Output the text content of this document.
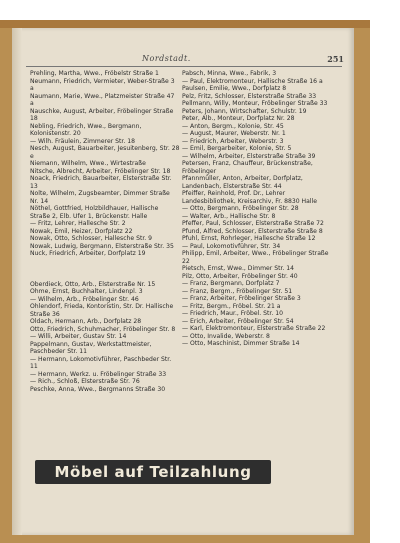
Nordstadt.	251
Prehling, Martha, Wwe., Fröbelstr Straße 1
Neumann, Friedrich, Vermieter, Weber-Straße 3 a
Naumann, Marie, Wwe., Platzmeister Straße 47 a
Nauschke, August, Arbeiter, Fröbelinger Straße 18
Nebling, Friedrich, Wwe., Bergmann, Kolonistenstr. 20
— Wilh. Fräulein, Zimmerer Str. 18
Nesch, August, Bauarbeiter, Jesuitenberg, Str. 28 e
Niemann, Wilhelm, Wwe., Wirtestraße
Nitsche, Albrecht, Arbeiter, Fröbelinger Str. 18
Noack, Friedrich, Bauarbeiter, Elsterstraße Str. 13
Nolte, Wilhelm, Zugsbeamter, Dimmer Straße Nr. 14
Nöthel, Gottfried, Holzbildhauer, Hallische Straße 2, Elb. Ufer 1, Brückenstr. Halle
— Fritz, Lehrer, Hallesche Str. 2
Nowak, Emil, Heizer, Dorfplatz 22
Nowak, Otto, Schlosser, Hallesche Str. 9
Nowak, Ludwig, Bergmann, Elsterstraße Str. 35
Nuck, Friedrich, Arbeiter, Dorfplatz 19
Oberdieck, Otto, Arb., Elsterstraße Nr. 15
Ohme, Ernst, Buchhalter, Lindenpl. 3
— Wilhelm, Arb., Fröbelinger Str. 46
Ohlendorf, Frieda, Kontoristin, Str. Dr. Hallische Straße 36
Oldach, Hermann, Arb., Dorfplatz 28
Otto, Friedrich, Schuhmacher, Fröbelinger Str. 8
— Willi, Arbeiter, Gustav Str. 14
Pappelmann, Gustav, Werkstattmeister, Paschbeder Str. 11
— Hermann, Lokomotivführer, Paschbeder Str. 11
— Hermann, Werkz. u. Fröbelinger Straße 33
— Rich., Schloß, Elsterstraße Str. 76
Peschke, Anna, Wwe., Bergmanns Straße 30
Pabsch, Minna, Wwe., Fabrik, 3
— Paul, Elektromonteur, Hallische Straße 16 a
Paulsen, Emilie, Wwe., Dorfplatz 8
Pelz, Fritz, Schlosser, Elsterstraße Straße 33
Pellmann, Willy, Monteur, Fröbelinger Straße 33
Peters, Johann, Wirtschafter, Schulstr. 19
Peter, Alb., Monteur, Dorfplatz Nr. 28
— Anton, Bergm., Kolonie, Str. 45
— August, Maurer, Weberstr. Nr. 1
— Friedrich, Arbeiter, Weberstr. 3
— Emil, Bergarbeiter, Kolonie, Str. 5
— Wilhelm, Arbeiter, Elsterstraße Straße 39
Petersen, Franz, Chauffeur, Brückenstraße, Fröbelinger
Pfannmüller, Anton, Arbeiter, Dorfplatz, Landenbach, Elsterstraße Str. 44
Pfeiffer, Reinhold, Prof. Dr., Lehrer Landesbibliothek, Kreisarchiv, Fr. 8830 Halle
— Otto, Bergmann, Fröbelinger Str. 28
— Walter, Arb., Hallische Str. 8
Pfeffer, Paul, Schlosser, Elsterstraße Straße 72
Pfund, Alfred, Schlosser, Elsterstraße Straße 8
Pfuhl, Ernst, Rohrleger, Hallesche Straße 12
— Paul, Lokomotivführer, Str. 34
Philipp, Emil, Arbeiter, Wwe., Fröbelinger Straße 22
Pietsch, Ernst, Wwe., Dimmer Str. 14
Pilz, Otto, Arbeiter, Fröbelinger Str. 40
— Franz, Bergmann, Dorfplatz 7
— Franz, Bergm., Fröbelinger Str. 51
— Franz, Arbeiter, Fröbelinger Straße 3
— Fritz, Bergm., Fröbel. Str. 21 a
— Friedrich, Maur., Fröbel. Str. 10
— Erich, Arbeiter, Fröbelinger Str. 54
— Karl, Elektromonteur, Elsterstraße Straße 22
— Otto, Invalide, Weberstr. 8
— Otto, Maschinist, Dimmer Straße 14
Möbel auf Teilzahlung
